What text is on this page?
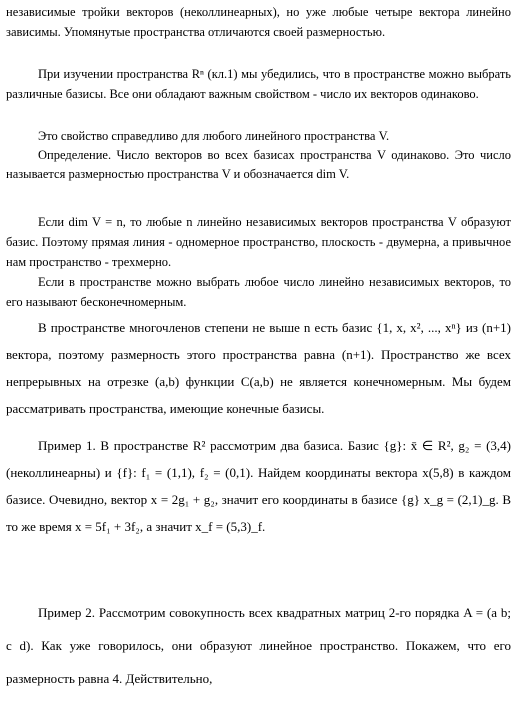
независимые тройки векторов (неколлинеарных), но уже любые четыре вектора линейно зависимы. Упомянутые пространства отличаются своей размерностью.

При изучении пространства Rⁿ (кл.1) мы убедились, что в пространстве можно выбрать различные базисы. Все они обладают важным свойством - число их векторов одинаково.

Это свойство справедливо для любого линейного пространства V.

Определение. Число векторов во всех базисах пространства V одинаково. Это число называется размерностью пространства V и обозначается dim V.

Если dim V = n, то любые n линейно независимых векторов пространства V образуют базис. Поэтому прямая линия - одномерное пространство, плоскость - двумерна, а привычное нам пространство - трехмерно.

Если в пространстве можно выбрать любое число линейно независимых векторов, то его называют бесконечномерным.

В пространстве многочленов степени не выше n есть базис {1, x, x², ..., xⁿ} из (n+1) вектора, поэтому размерность этого пространства равна (n+1). Пространство же всех непрерывных на отрезке (a,b) функции C(a,b) не является конечномерным. Мы будем рассматривать пространства, имеющие конечные базисы.

Пример 1. В пространстве R² рассмотрим два базиса. Базис {g}: x̄ ∈ R², g₂ = (3,4) (неколлинеарны) и {f}: f₁ = (1,1), f₂ = (0,1). Найдем координаты вектора x(5,8) в каждом базисе. Очевидно, вектор x = 2g₁ + g₂, значит его координаты в базисе {g} x_g = (2,1)_g. В то же время x = 5f₁ + 3f₂, а значит x_f = (5,3)_f.

Пример 2. Рассмотрим совокупность всех квадратных матриц 2-го порядка A = (a b; c d). Как уже говорилось, они образуют линейное пространство. Покажем, что его размерность равна 4. Действительно,
